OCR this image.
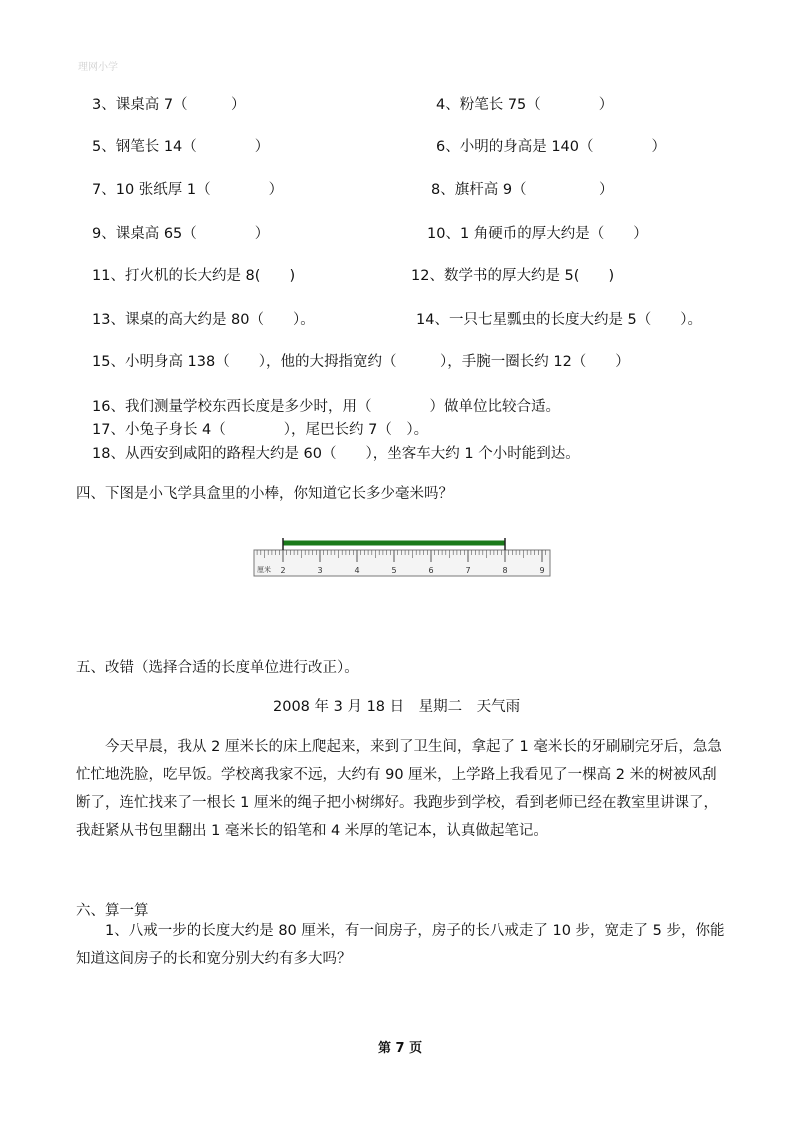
理网小学
3、课桌高 7（　　　）	4、粉笔长 75（　　　　）
5、钢笔长 14（　　　　）	6、小明的身高是 140（　　　　）
7、10 张纸厚 1（　　　　）	8、旗杆高 9（　　　　　）
9、课桌高 65（　　　　）	10、1 角硬币的厚大约是（　　）
11、打火机的长大约是 8(　　)	12、数学书的厚大约是 5(　　)
13、课桌的高大约是 80（　　）。	14、一只七星瓢虫的长度大约是 5（　　）。
15、小明身高 138（　　），他的大拇指宽约（　　　），手腕一圈长约 12（　　）
16、我们测量学校东西长度是多少时，用（　　　　）做单位比较合适。
17、小兔子身长 4（　　　　），尾巴长约 7（　）。
18、从西安到咸阳的路程大约是 60（　　），坐客车大约 1 个小时能到达。
四、下图是小飞学具盒里的小棒，你知道它长多少毫米吗？
2	3	4	5	6	7	8	9
厘米
五、改错（选择合适的长度单位进行改正）。
2008 年 3 月 18 日　星期二　天气雨

今天早晨，我从 2 厘米长的床上爬起来，来到了卫生间，拿起了 1 毫米长的牙刷刷完牙后，急急忙忙地洗脸，吃早饭。学校离我家不远，大约有 90 厘米，上学路上我看见了一棵高 2 米的树被风刮断了，连忙找来了一根长 1 厘米的绳子把小树绑好。我跑步到学校，看到老师已经在教室里讲课了，我赶紧从书包里翻出 1 毫米长的铅笔和 4 米厚的笔记本，认真做起笔记。

六、算一算

1、八戒一步的长度大约是 80 厘米，有一间房子，房子的长八戒走了 10 步，宽走了 5 步，你能知道这间房子的长和宽分别大约有多大吗？

第 7 页
